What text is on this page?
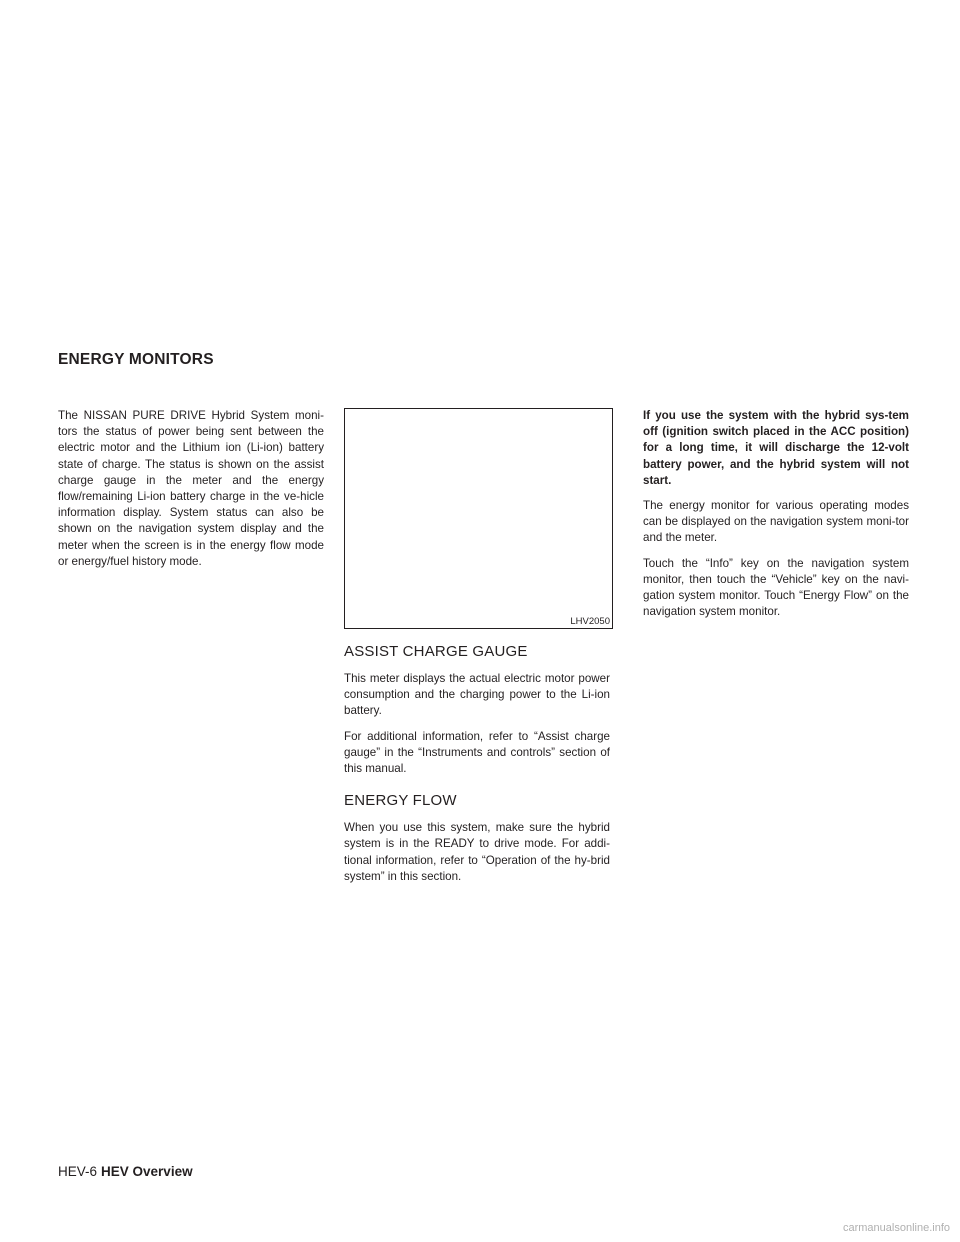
ENERGY MONITORS

The NISSAN PURE DRIVE Hybrid System moni-tors the status of power being sent between the electric motor and the Lithium ion (Li-ion) battery state of charge. The status is shown on the assist charge gauge in the meter and the energy flow/remaining Li-ion battery charge in the ve-hicle information display. System status can also be shown on the navigation system display and the meter when the screen is in the energy flow mode or energy/fuel history mode.

LHV2050
ASSIST CHARGE GAUGE

This meter displays the actual electric motor power consumption and the charging power to the Li-ion battery.

For additional information, refer to “Assist charge gauge” in the “Instruments and controls” section of this manual.

ENERGY FLOW

When you use this system, make sure the hybrid system is in the READY to drive mode. For addi-tional information, refer to “Operation of the hy-brid system” in this section.

If you use the system with the hybrid sys-tem off (ignition switch placed in the ACC position) for a long time, it will discharge the 12-volt battery power, and the hybrid system will not start.

The energy monitor for various operating modes can be displayed on the navigation system moni-tor and the meter.

Touch the “Info” key on the navigation system monitor, then touch the “Vehicle” key on the navi-gation system monitor. Touch “Energy Flow” on the navigation system monitor.

HEV-6 HEV Overview
carmanualsonline.info
